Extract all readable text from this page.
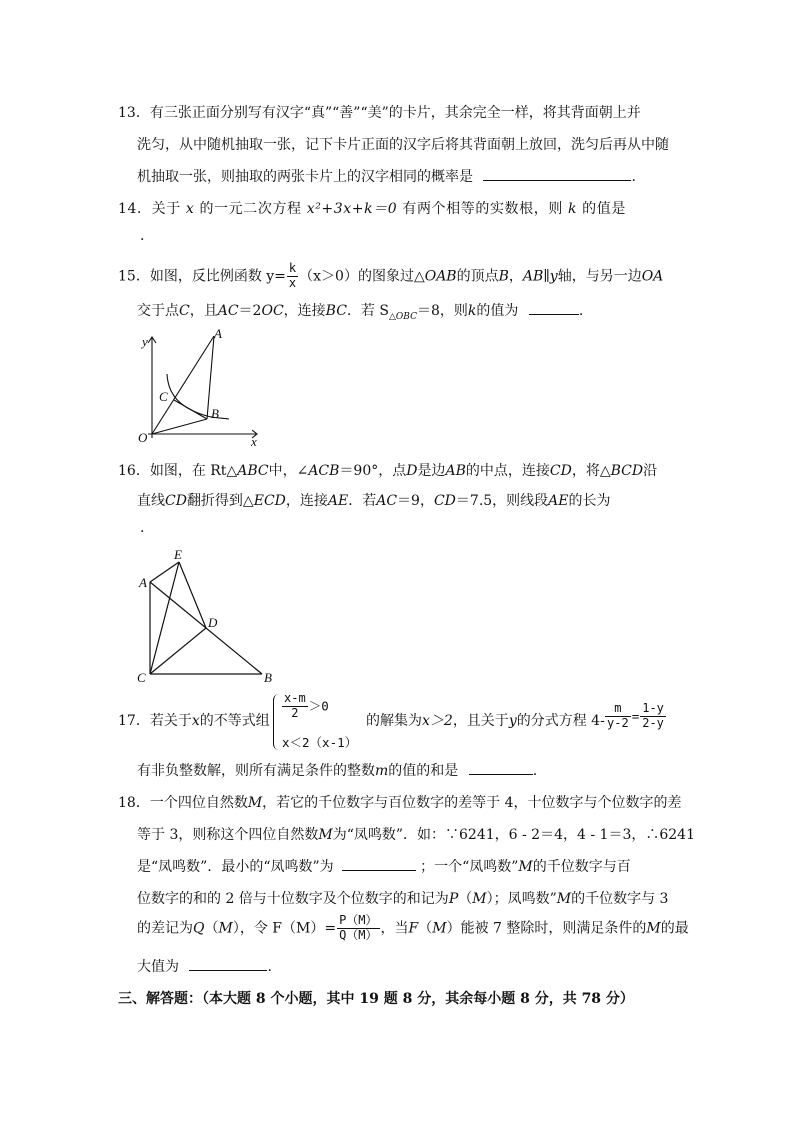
13．有三张正面分别写有汉字“真”“善”“美”的卡片，其余完全一样，将其背面朝上并
洗匀，从中随机抽取一张，记下卡片正面的汉字后将其背面朝上放回，洗匀后再从中随
机抽取一张，则抽取的两张卡片上的汉字相同的概率是	.
14．关于 x 的一元二次方程 x²+3x+k＝0 有两个相等的实数根，则 k 的值是
.
15．如图，反比例函数 $y= \frac{k}{x} (x>0)$的图象过△OAB的顶点B，AB∥y轴，与另一边OA
交于点C，且AC＝2OC，连接BC．若 $S_{\triangle OBC}=8$，则k的值为	.
y
x
O
A
B
C
16．如图，在 Rt△ABC中，∠ACB＝90°，点D是边AB的中点，连接CD，将△BCD沿
直线CD翻折得到△ECD，连接AE．若AC＝9，CD＝7.5，则线段AE的长为
.
A
E
D
C	B
17．若关于x的不等式组
$\frac{x-m}{2} >0$
x＜2（x-1）
的解集为x＞2，且关于y的分式方程 $4- \frac{m}{y-2} = \frac{1-y}{2-y}$
有非负整数解，则所有满足条件的整数m的值的和是	.
18．一个四位自然数M，若它的千位数字与百位数字的差等于 4，十位数字与个位数字的差
等于 3，则称这个四位自然数M为“凤鸣数”．如：∵6241，6 - 2＝4，4 - 1＝3，∴6241
是“凤鸣数”．最小的“凤鸣数”为	；一个“凤鸣数”M的千位数字与百
位数字的和的 2 倍与十位数字及个位数字的和记为P（M）；凤鸣数”M的千位数字与 3
的差记为Q（M），令 $F(M)= \frac{P(M)}{Q(M)}$ ，当F（M）能被 7 整除时，则满足条件的M的最
大值为	.
三、解答题：（本大题 8 个小题，其中 19 题 8 分，其余每小题 8 分，共 78 分）
